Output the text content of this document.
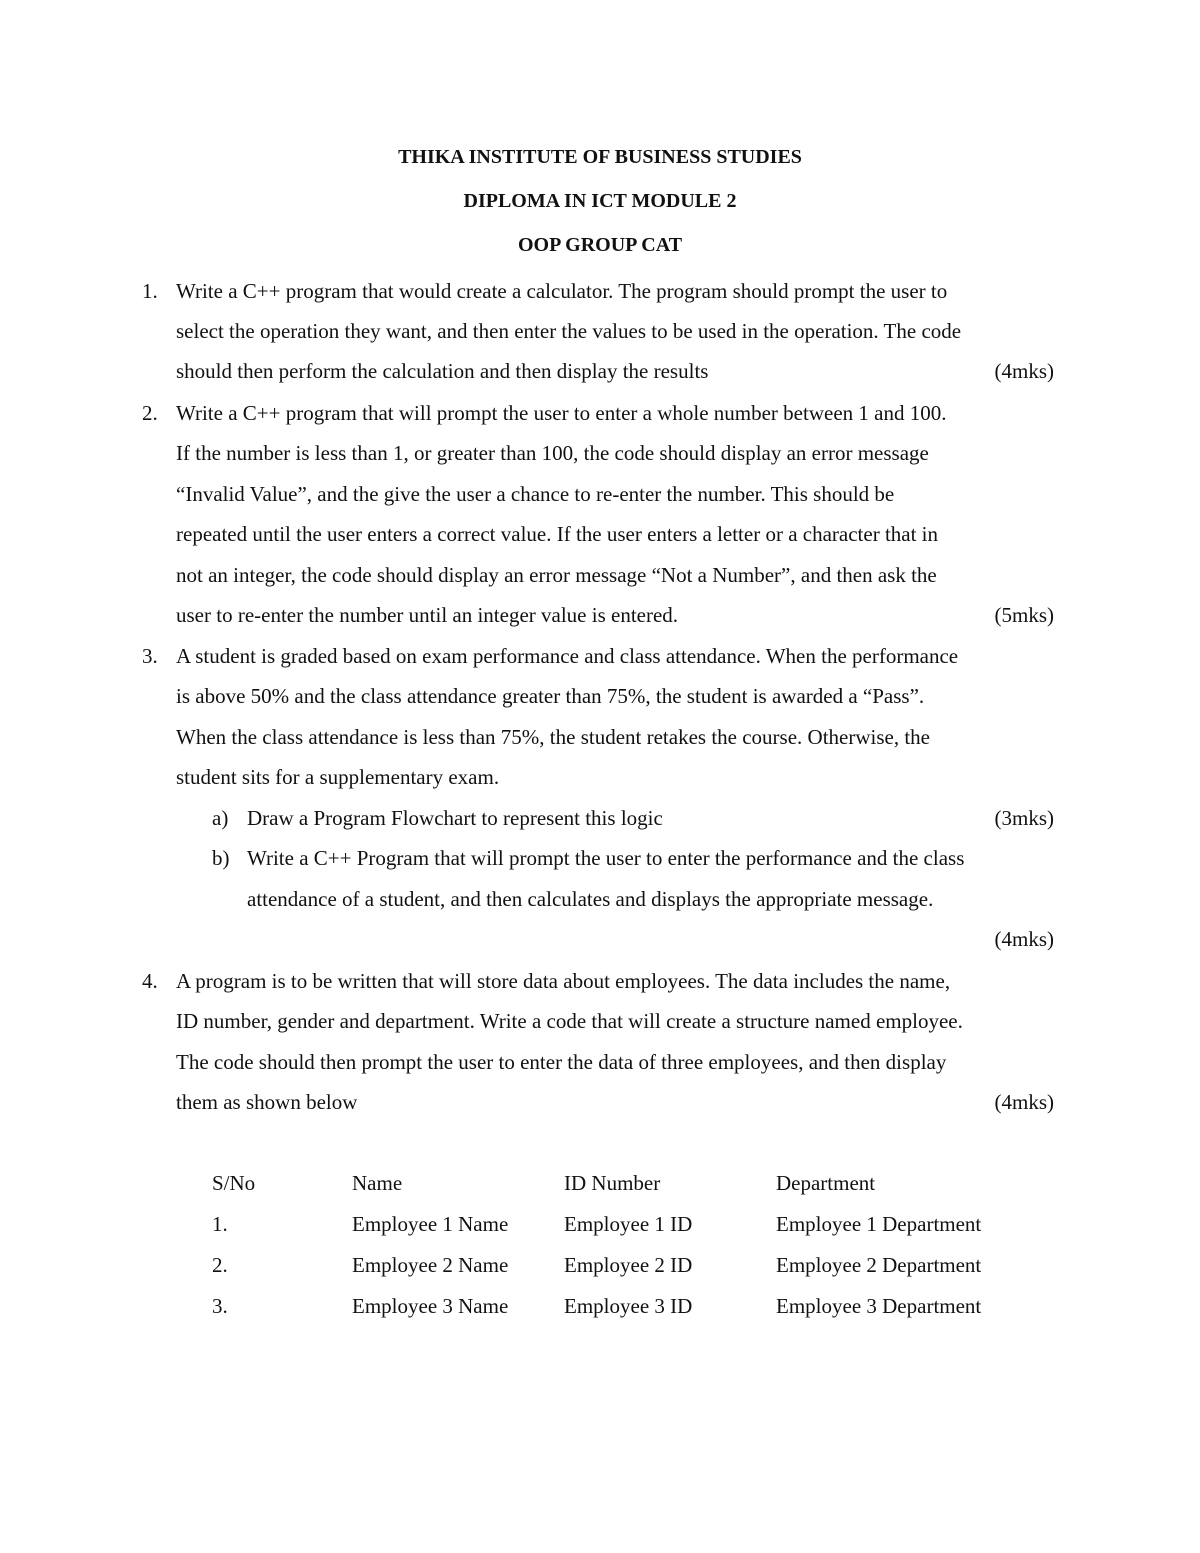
THIKA INSTITUTE OF BUSINESS STUDIES
DIPLOMA IN ICT MODULE 2
OOP GROUP CAT
1. Write a C++ program that would create a calculator. The program should prompt the user to
select the operation they want, and then enter the values to be used in the operation. The code
should then perform the calculation and then display the results	(4mks)
2. Write a C++ program that will prompt the user to enter a whole number between 1 and 100.
If the number is less than 1, or greater than 100, the code should display an error message
“Invalid Value”, and the give the user a chance to re-enter the number. This should be
repeated until the user enters a correct value. If the user enters a letter or a character that in
not an integer, the code should display an error message “Not a Number”, and then ask the
user to re-enter the number until an integer value is entered.	(5mks)
3. A student is graded based on exam performance and class attendance. When the performance
is above 50% and the class attendance greater than 75%, the student is awarded a “Pass”.
When the class attendance is less than 75%, the student retakes the course. Otherwise, the
student sits for a supplementary exam.
a) Draw a Program Flowchart to represent this logic	(3mks)
b) Write a C++ Program that will prompt the user to enter the performance and the class
attendance of a student, and then calculates and displays the appropriate message.
(4mks)
4. A program is to be written that will store data about employees. The data includes the name,
ID number, gender and department. Write a code that will create a structure named employee.
The code should then prompt the user to enter the data of three employees, and then display
them as shown below	(4mks)
S/No	Name	ID Number	Department
1.	Employee 1 Name	Employee 1 ID	Employee 1 Department
2.	Employee 2 Name	Employee 2 ID	Employee 2 Department
3.	Employee 3 Name	Employee 3 ID	Employee 3 Department
